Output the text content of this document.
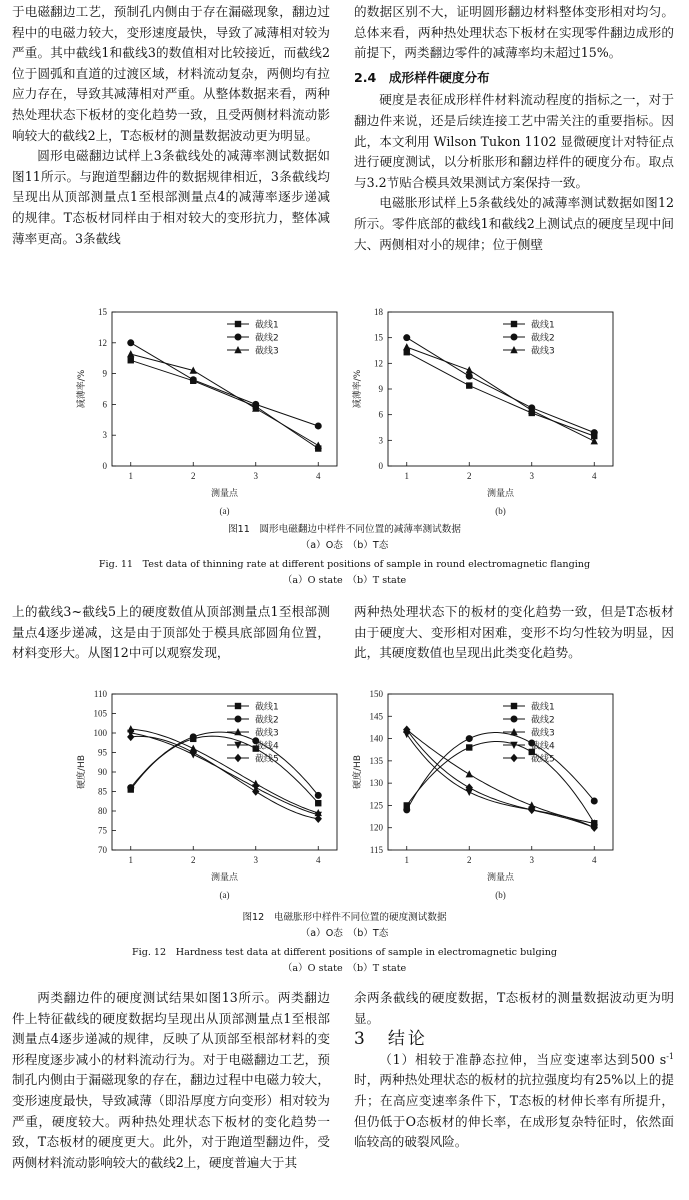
于电磁翻边工艺，预制孔内侧由于存在漏磁现象，翻边过程中的电磁力较大，变形速度最快，导致了减薄相对较为严重。其中截线1和截线3的数值相对比较接近，而截线2位于圆弧和直道的过渡区域，材料流动复杂，两侧均有拉应力存在，导致其减薄相对严重。从整体数据来看，两种热处理状态下板材的变化趋势一致，且受两侧材料流动影响较大的截线2上，T态板材的测量数据波动更为明显。

圆形电磁翻边试样上3条截线处的减薄率测试数据如图11所示。与跑道型翻边件的数据规律相近，3条截线均呈现出从顶部测量点1至根部测量点4的减薄率逐步递减的规律。T态板材同样由于相对较大的变形抗力，整体减薄率更高。3条截线

的数据区别不大，证明圆形翻边材料整体变形相对均匀。总体来看，两种热处理状态下板材在实现零件翻边成形的前提下，两类翻边零件的减薄率均未超过15%。

2.4　成形样件硬度分布

硬度是表征成形样件材料流动程度的指标之一，对于翻边件来说，还是后续连接工艺中需关注的重要指标。因此，本文利用 Wilson Tukon 1102 显微硬度计对特征点进行硬度测试，以分析胀形和翻边样件的硬度分布。取点与3.2节贴合模具效果测试方案保持一致。

电磁胀形试样上5条截线处的减薄率测试数据如图12所示。零件底部的截线1和截线2上测试点的硬度呈现中间大、两侧相对小的规律；位于侧壁

0
3
6
9
12
15
1	2	3	4
测量点
减薄率/%
(a)
截线1
截线2
截线3
0
3
6
9
12
15
18
1	2	3	4
测量点
减薄率/%
(b)
截线1
截线2
截线3
图11　圆形电磁翻边中样件不同位置的减薄率测试数据
（a）O态　（b）T态
Fig. 11　Test data of thinning rate at different positions of sample in round electromagnetic flanging
（a）O state　（b）T state

上的截线3~截线5上的硬度数值从顶部测量点1至根部测量点4逐步递减，这是由于顶部处于模具底部圆角位置，材料变形大。从图12中可以观察发现，

两种热处理状态下的板材的变化趋势一致，但是T态板材由于硬度大、变形相对困难，变形不均匀性较为明显，因此，其硬度数值也呈现出此类变化趋势。

70
75
80
85
90
95
100
105
110
1	2	3	4
测量点
硬度/HB
(a)
截线1
截线2
截线3
截线4
截线5
115
120
125
130
135
140
145
150
1	2	3	4
测量点
硬度/HB
(b)
截线1
截线2
截线3
截线4
截线5
图12　电磁胀形中样件不同位置的硬度测试数据
（a）O态　（b）T态
Fig. 12　Hardness test data at different positions of sample in electromagnetic bulging
（a）O state　（b）T state

两类翻边件的硬度测试结果如图13所示。两类翻边件上特征截线的硬度数据均呈现出从顶部测量点1至根部测量点4逐步递减的规律，反映了从顶部至根部材料的变形程度逐步减小的材料流动行为。对于电磁翻边工艺，预制孔内侧由于漏磁现象的存在，翻边过程中电磁力较大，变形速度最快，导致减薄（即沿厚度方向变形）相对较为严重，硬度较大。两种热处理状态下板材的变化趋势一致，T态板材的硬度更大。此外，对于跑道型翻边件，受两侧材料流动影响较大的截线2上，硬度普遍大于其

余两条截线的硬度数据，T态板材的测量数据波动更为明显。

3　结论

（1）相较于准静态拉伸，当应变速率达到500 $s^{-1}$时，两种热处理状态的板材的抗拉强度均有25%以上的提升；在高应变速率条件下，T态板的材伸长率有所提升，但仍低于O态板材的伸长率，在成形复杂特征时，依然面临较高的破裂风险。
